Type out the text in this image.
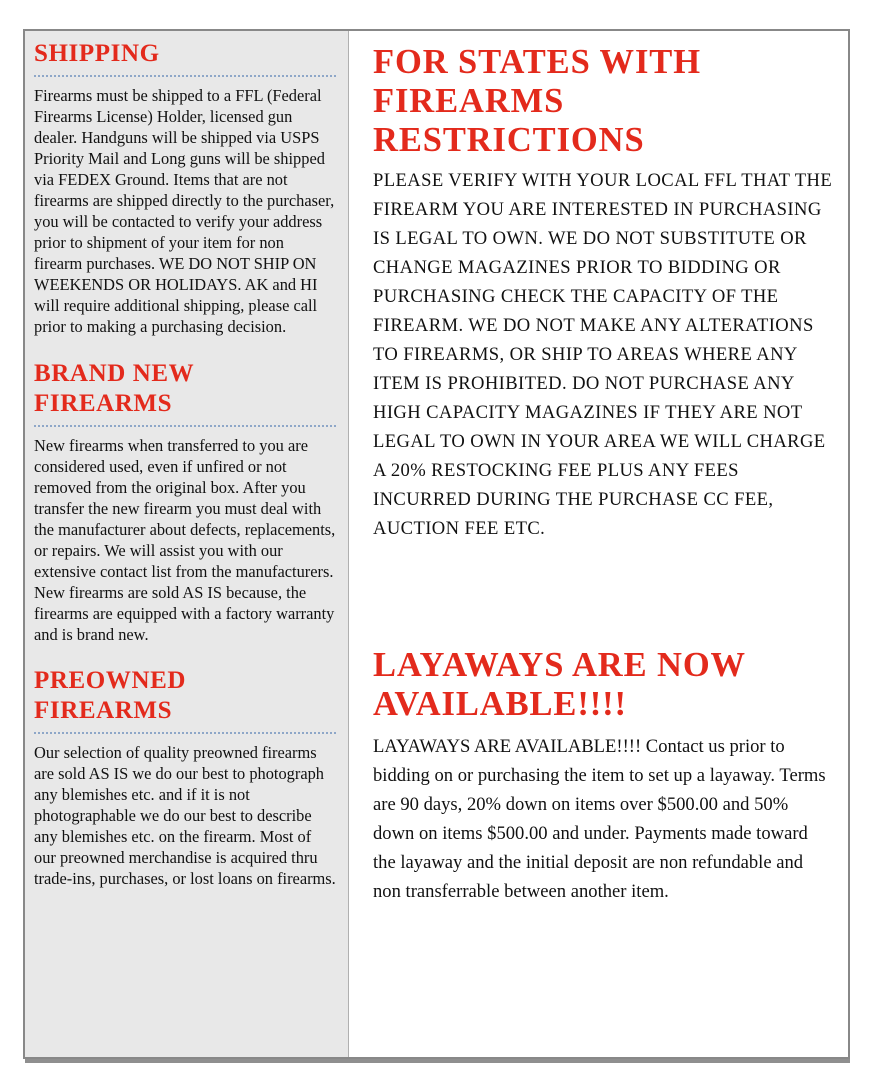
SHIPPING

Firearms must be shipped to a FFL (Federal Firearms License) Holder, licensed gun dealer. Handguns will be shipped via USPS Priority Mail and Long guns will be shipped via FEDEX Ground. Items that are not firearms are shipped directly to the purchaser, you will be contacted to verify your address prior to shipment of your item for non firearm purchases. WE DO NOT SHIP ON WEEKENDS OR HOLIDAYS. AK and HI will require additional shipping, please call prior to making a purchasing decision.

BRAND NEW FIREARMS

New firearms when transferred to you are considered used, even if unfired or not removed from the original box. After you transfer the new firearm you must deal with the manufacturer about defects, replacements, or repairs. We will assist you with our extensive contact list from the manufacturers. New firearms are sold AS IS because, the firearms are equipped with a factory warranty and is brand new.

PREOWNED FIREARMS

Our selection of quality preowned firearms are sold AS IS we do our best to photograph any blemishes etc. and if it is not photographable we do our best to describe any blemishes etc. on the firearm. Most of our preowned merchandise is acquired thru trade-ins, purchases, or lost loans on firearms.

FOR STATES WITH FIREARMS RESTRICTIONS

PLEASE VERIFY WITH YOUR LOCAL FFL THAT THE FIREARM YOU ARE INTERESTED IN PURCHASING IS LEGAL TO OWN. WE DO NOT SUBSTITUTE OR CHANGE MAGAZINES PRIOR TO BIDDING OR PURCHASING CHECK THE CAPACITY OF THE FIREARM. WE DO NOT MAKE ANY ALTERATIONS TO FIREARMS, OR SHIP TO AREAS WHERE ANY ITEM IS PROHIBITED. DO NOT PURCHASE ANY HIGH CAPACITY MAGAZINES IF THEY ARE NOT LEGAL TO OWN IN YOUR AREA WE WILL CHARGE A 20% RESTOCKING FEE PLUS ANY FEES INCURRED DURING THE PURCHASE CC FEE, AUCTION FEE ETC.

LAYAWAYS ARE NOW AVAILABLE!!!!

LAYAWAYS ARE AVAILABLE!!!! Contact us prior to bidding on or purchasing the item to set up a layaway. Terms are 90 days, 20% down on items over $500.00 and 50% down on items $500.00 and under. Payments made toward the layaway and the initial deposit are non refundable and non transferrable between another item.
